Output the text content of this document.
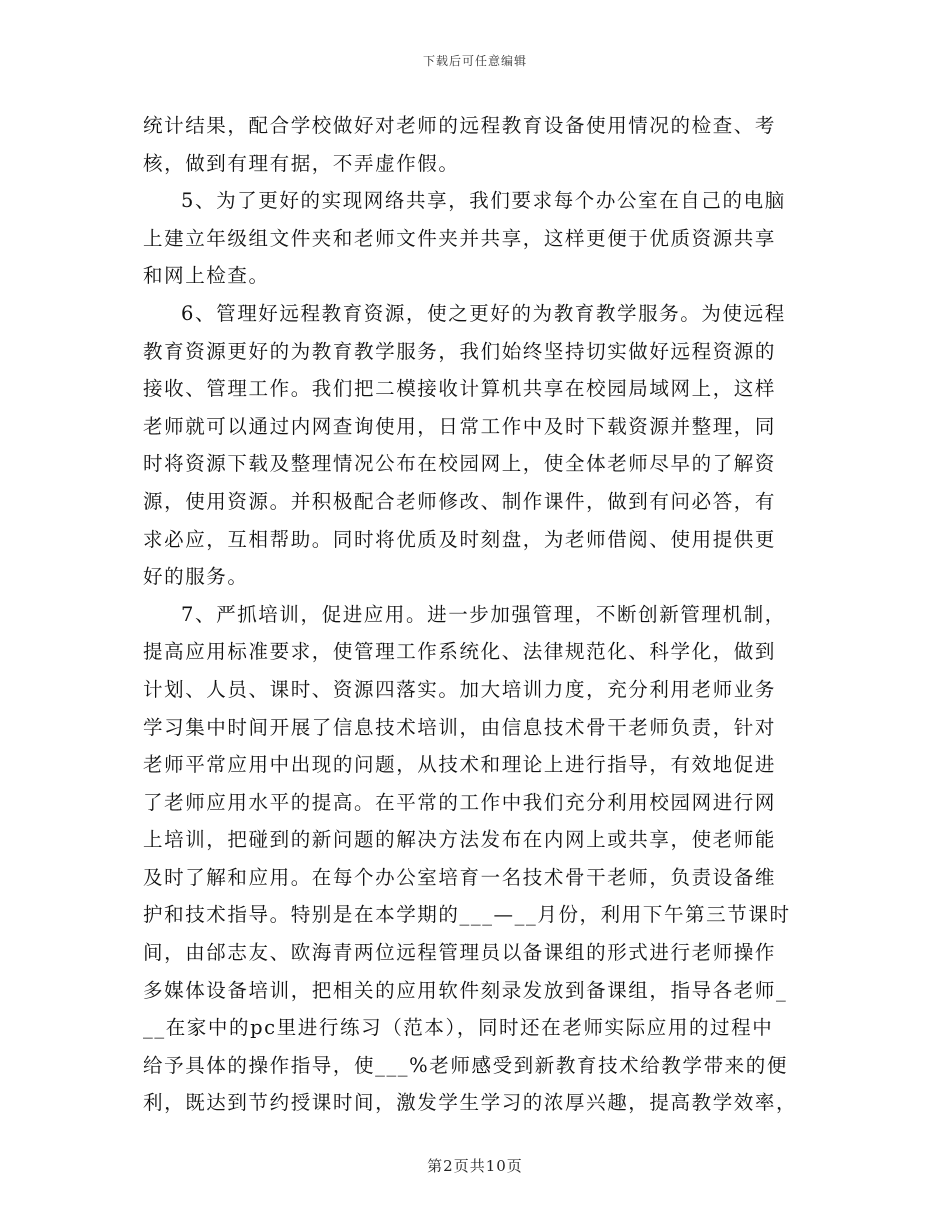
下载后可任意编辑
统计结果，配合学校做好对老师的远程教育设备使用情况的检查、考
核，做到有理有据，不弄虚作假。
5、为了更好的实现网络共享，我们要求每个办公室在自己的电脑
上建立年级组文件夹和老师文件夹并共享，这样更便于优质资源共享
和网上检查。
6、管理好远程教育资源，使之更好的为教育教学服务。为使远程
教育资源更好的为教育教学服务，我们始终坚持切实做好远程资源的
接收、管理工作。我们把二模接收计算机共享在校园局域网上，这样
老师就可以通过内网查询使用，日常工作中及时下载资源并整理，同
时将资源下载及整理情况公布在校园网上，使全体老师尽早的了解资
源，使用资源。并积极配合老师修改、制作课件，做到有问必答，有
求必应，互相帮助。同时将优质及时刻盘，为老师借阅、使用提供更
好的服务。
7、严抓培训，促进应用。进一步加强管理，不断创新管理机制，
提高应用标准要求，使管理工作系统化、法律规范化、科学化，做到
计划、人员、课时、资源四落实。加大培训力度，充分利用老师业务
学习集中时间开展了信息技术培训，由信息技术骨干老师负责，针对
老师平常应用中出现的问题，从技术和理论上进行指导，有效地促进
了老师应用水平的提高。在平常的工作中我们充分利用校园网进行网
上培训，把碰到的新问题的解决方法发布在内网上或共享，使老师能
及时了解和应用。在每个办公室培育一名技术骨干老师，负责设备维
护和技术指导。特别是在本学期的___—__月份，利用下午第三节课时
间，由邰志友、欧海青两位远程管理员以备课组的形式进行老师操作
多媒体设备培训，把相关的应用软件刻录发放到备课组，指导各老师_
__在家中的pc里进行练习（范本），同时还在老师实际应用的过程中
给予具体的操作指导，使___%老师感受到新教育技术给教学带来的便
利，既达到节约授课时间，激发学生学习的浓厚兴趣，提高教学效率，
第2页共10页
